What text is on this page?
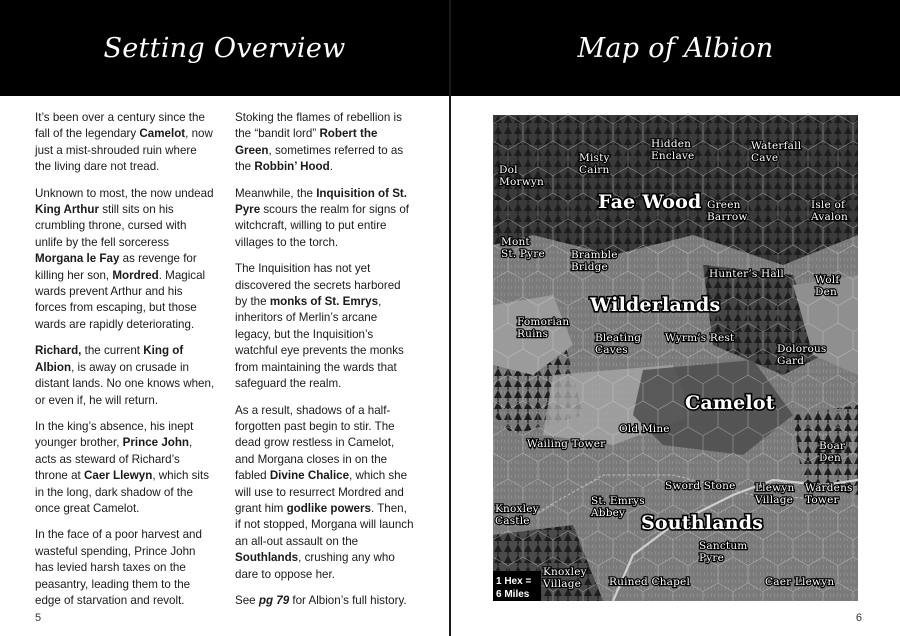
Setting Overview

It’s been over a century since the fall of the legendary Camelot, now just a mist-shrouded ruin where the living dare not tread.

Unknown to most, the now undead King Arthur still sits on his crumbling throne, cursed with unlife by the fell sorceress Morgana le Fay as revenge for killing her son, Mordred. Magical wards prevent Arthur and his forces from escaping, but those wards are rapidly deteriorating.

Richard, the current King of Albion, is away on crusade in distant lands. No one knows when, or even if, he will return.

In the king’s absence, his inept younger brother, Prince John, acts as steward of Richard’s throne at Caer Llewyn, which sits in the long, dark shadow of the once great Camelot.

In the face of a poor harvest and wasteful spending, Prince John has levied harsh taxes on the peasantry, leading them to the edge of starvation and revolt.

Stoking the flames of rebellion is the “bandit lord” Robert the Green, sometimes referred to as the Robbin’ Hood.

Meanwhile, the Inquisition of St. Pyre scours the realm for signs of witchcraft, willing to put entire villages to the torch.

The Inquisition has not yet discovered the secrets harbored by the monks of St. Emrys, inheritors of Merlin’s arcane legacy, but the Inquisition’s watchful eye prevents the monks from maintaining the wards that safeguard the realm.

As a result, shadows of a half-forgotten past begin to stir. The dead grow restless in Camelot, and Morgana closes in on the fabled Divine Chalice, which she will use to resurrect Mordred and grant him godlike powers. Then, if not stopped, Morgana will launch an all-out assault on the Southlands, crushing any who dare to oppose her.

See pg 79 for Albion’s full history.

5
Map of Albion
1 Hex =
6 Miles
Fae Wood
Wilderlands
Camelot
Southlands
Hidden Enclave
Waterfall Cave
Misty Cairn
Dol Morwyn
Green Barrow
Isle of Avalon
Mont St. Pyre Bramble Bridge
Hunter’s Hall	Wolf Den
Fomorian Ruins	Bleating Caves
Wyrm’s Rest
Dolorous Gard
Old Mine
Wailing Tower	Boar Den
Sword Stone Llewyn Village
Wardens Tower
St. Emrys Abbey
Knoxley Castle
Sanctum Pyre
Knoxley Village	Ruined Chapel	Caer Llewyn
6
